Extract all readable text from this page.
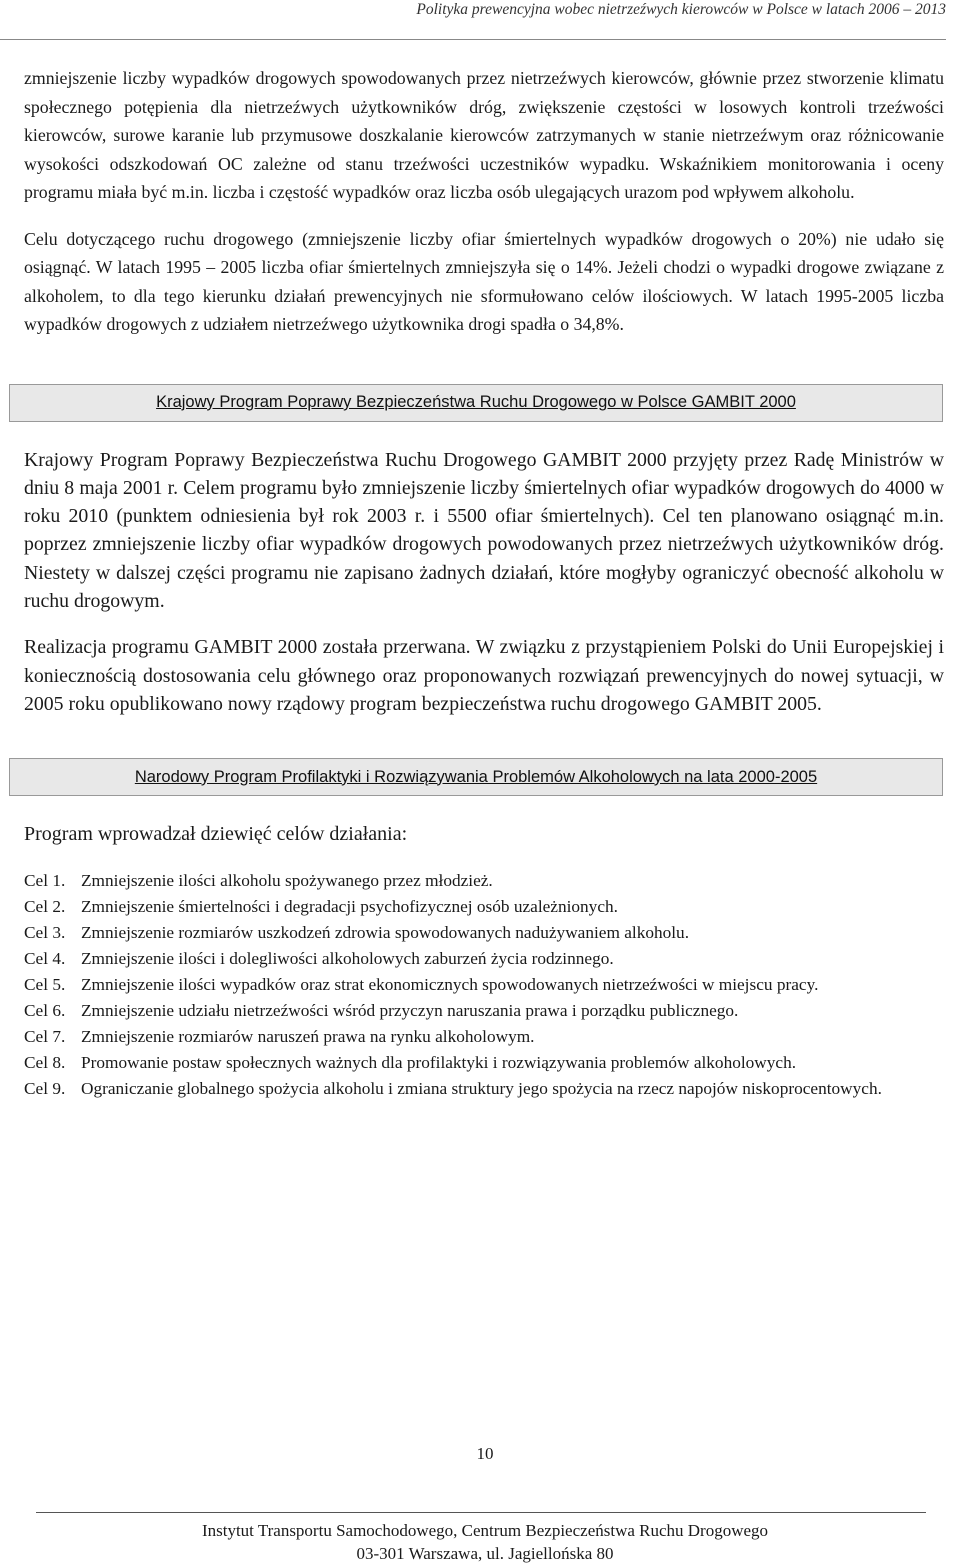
Polityka prewencyjna wobec nietrzeźwych kierowców w Polsce w latach 2006 – 2013

zmniejszenie liczby wypadków drogowych spowodowanych przez nietrzeźwych kierowców, głównie przez stworzenie klimatu społecznego potępienia dla nietrzeźwych użytkowników dróg, zwiększenie częstości w losowych kontroli trzeźwości kierowców, surowe karanie lub przymusowe doszkalanie kierowców zatrzymanych w stanie nietrzeźwym oraz różnicowanie wysokości odszkodowań OC zależne od stanu trzeźwości uczestników wypadku. Wskaźnikiem monitorowania i oceny programu miała być m.in. liczba i częstość wypadków oraz liczba osób ulegających urazom pod wpływem alkoholu.

Celu dotyczącego ruchu drogowego (zmniejszenie liczby ofiar śmiertelnych wypadków drogowych o 20%) nie udało się osiągnąć. W latach 1995 – 2005 liczba ofiar śmiertelnych zmniejszyła się o 14%. Jeżeli chodzi o wypadki drogowe związane z alkoholem, to dla tego kierunku działań prewencyjnych nie sformułowano celów ilościowych. W latach 1995-2005 liczba wypadków drogowych z udziałem nietrzeźwego użytkownika drogi spadła o 34,8%.

Krajowy Program Poprawy Bezpieczeństwa Ruchu Drogowego w Polsce GAMBIT 2000

Krajowy Program Poprawy Bezpieczeństwa Ruchu Drogowego GAMBIT 2000 przyjęty przez Radę Ministrów w dniu 8 maja 2001 r. Celem programu było zmniejszenie liczby śmiertelnych ofiar wypadków drogowych do 4000 w roku 2010 (punktem odniesienia był rok 2003 r. i 5500 ofiar śmiertelnych). Cel ten planowano osiągnąć m.in. poprzez zmniejszenie liczby ofiar wypadków drogowych powodowanych przez nietrzeźwych użytkowników dróg. Niestety w dalszej części programu nie zapisano żadnych działań, które mogłyby ograniczyć obecność alkoholu w ruchu drogowym.

Realizacja programu GAMBIT 2000 została przerwana. W związku z przystąpieniem Polski do Unii Europejskiej i koniecznością dostosowania celu głównego oraz proponowanych rozwiązań prewencyjnych do nowej sytuacji, w 2005 roku opublikowano nowy rządowy program bezpieczeństwa ruchu drogowego GAMBIT 2005.

Narodowy Program Profilaktyki i Rozwiązywania Problemów Alkoholowych na lata 2000-2005

Program wprowadzał dziewięć celów działania:

Cel 1. Zmniejszenie ilości alkoholu spożywanego przez młodzież.
Cel 2. Zmniejszenie śmiertelności i degradacji psychofizycznej osób uzależnionych.
Cel 3. Zmniejszenie rozmiarów uszkodzeń zdrowia spowodowanych nadużywaniem alkoholu.
Cel 4. Zmniejszenie ilości i dolegliwości alkoholowych zaburzeń życia rodzinnego.
Cel 5. Zmniejszenie ilości wypadków oraz strat ekonomicznych spowodowanych nietrzeźwości w miejscu pracy.
Cel 6. Zmniejszenie udziału nietrzeźwości wśród przyczyn naruszania prawa i porządku publicznego.
Cel 7. Zmniejszenie rozmiarów naruszeń prawa na rynku alkoholowym.
Cel 8. Promowanie postaw społecznych ważnych dla profilaktyki i rozwiązywania problemów alkoholowych.
Cel 9. Ograniczanie globalnego spożycia alkoholu i zmiana struktury jego spożycia na rzecz napojów niskoprocentowych.
10
Instytut Transportu Samochodowego, Centrum Bezpieczeństwa Ruchu Drogowego
03-301 Warszawa, ul. Jagiellońska 80
